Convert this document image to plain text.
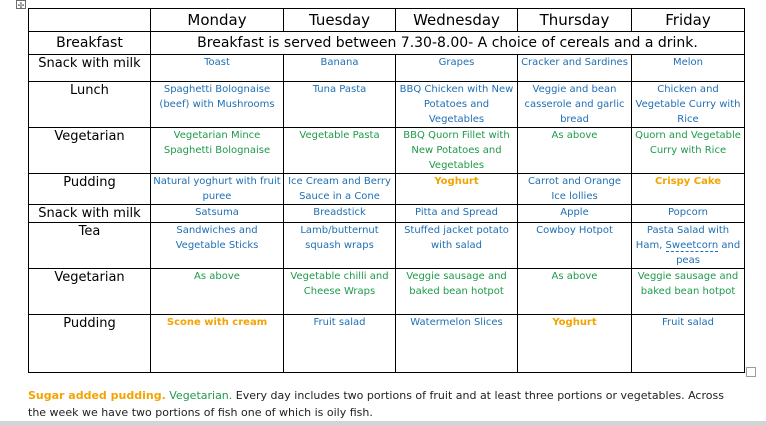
✢
	Monday	Tuesday	Wednesday	Thursday	Friday
Breakfast	Breakfast is served between 7.30-8.00- A choice of cereals and a drink.				
Snack with milk	Toast	Banana	Grapes	Cracker and Sardines	Melon
Lunch	Spaghetti Bolognaise (beef) with Mushrooms	Tuna Pasta	BBQ Chicken with New Potatoes and Vegetables	Veggie and bean casserole and garlic bread	Chicken and Vegetable Curry with Rice
Vegetarian	Vegetarian Mince Spaghetti Bolognaise	Vegetable Pasta	BBQ Quorn Fillet with New Potatoes and Vegetables	As above	Quorn and Vegetable Curry with Rice
Pudding	Natural yoghurt with fruit puree	Ice Cream and Berry Sauce in a Cone	Yoghurt	Carrot and Orange Ice lollies	Crispy Cake
Snack with milk	Satsuma	Breadstick	Pitta and Spread	Apple	Popcorn
Tea	Sandwiches and Vegetable Sticks	Lamb/butternut squash wraps	Stuffed jacket potato with salad	Cowboy Hotpot	Pasta Salad with Ham, Sweetcorn and peas
Vegetarian	As above	Vegetable chilli and Cheese Wraps	Veggie sausage and baked bean hotpot	As above	Veggie sausage and baked bean hotpot
Pudding	Scone with cream	Fruit salad	Watermelon Slices	Yoghurt	Fruit salad
Sugar added pudding. Vegetarian. Every day includes two portions of fruit and at least three portions or vegetables. Across the week we have two portions of fish one of which is oily fish.
